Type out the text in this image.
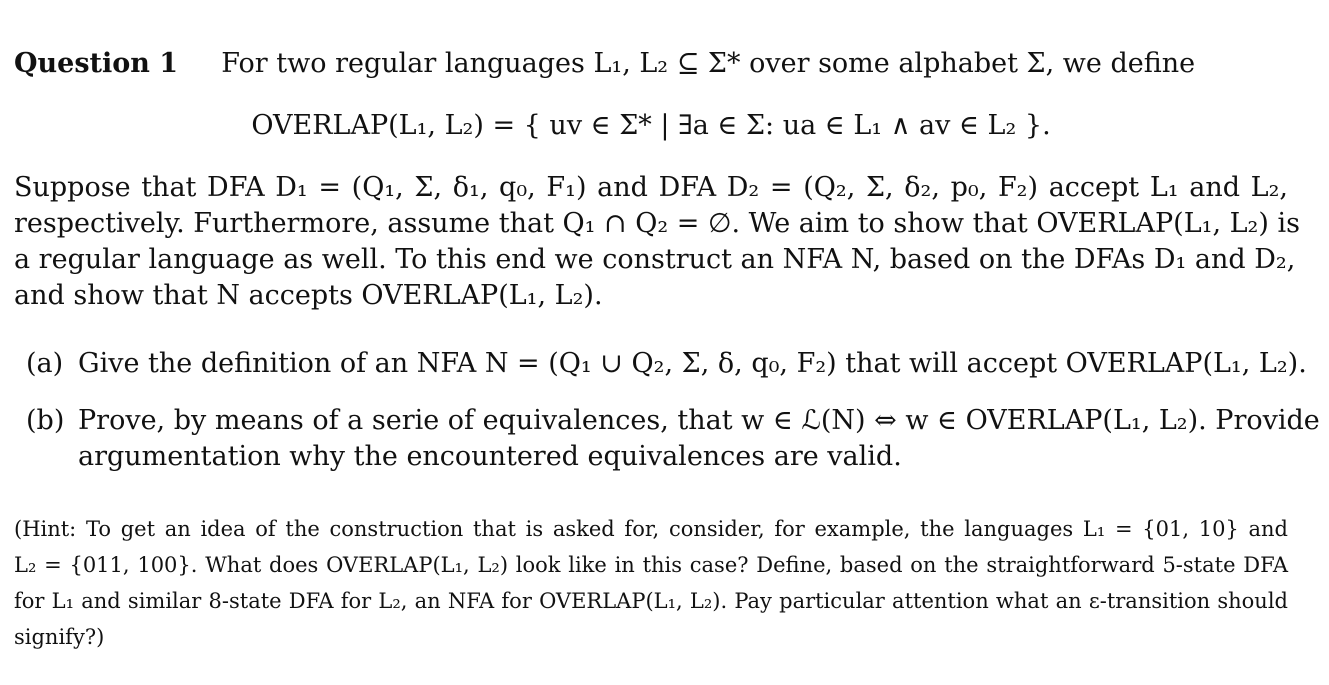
Question 1 For two regular languages L₁, L₂ ⊆ Σ* over some alphabet Σ, we define
OVERLAP(L₁, L₂) = { uv ∈ Σ* | ∃a ∈ Σ: ua ∈ L₁ ∧ av ∈ L₂ }.
Suppose that DFA D₁ = (Q₁, Σ, δ₁, q₀, F₁) and DFA D₂ = (Q₂, Σ, δ₂, p₀, F₂) accept L₁ and L₂,
respectively. Furthermore, assume that Q₁ ∩ Q₂ = ∅. We aim to show that OVERLAP(L₁, L₂) is
a regular language as well. To this end we construct an NFA N, based on the DFAs D₁ and D₂,
and show that N accepts OVERLAP(L₁, L₂).
(a) Give the definition of an NFA N = (Q₁ ∪ Q₂, Σ, δ, q₀, F₂) that will accept OVERLAP(L₁, L₂).
(b) Prove, by means of a serie of equivalences, that w ∈ ℒ(N) ⇔ w ∈ OVERLAP(L₁, L₂). Provide
argumentation why the encountered equivalences are valid.
(Hint: To get an idea of the construction that is asked for, consider, for example, the languages L₁ = {01, 10} and
L₂ = {011, 100}. What does OVERLAP(L₁, L₂) look like in this case? Define, based on the straightforward 5-state DFA
for L₁ and similar 8-state DFA for L₂, an NFA for OVERLAP(L₁, L₂). Pay particular attention what an ε-transition should
signify?)
